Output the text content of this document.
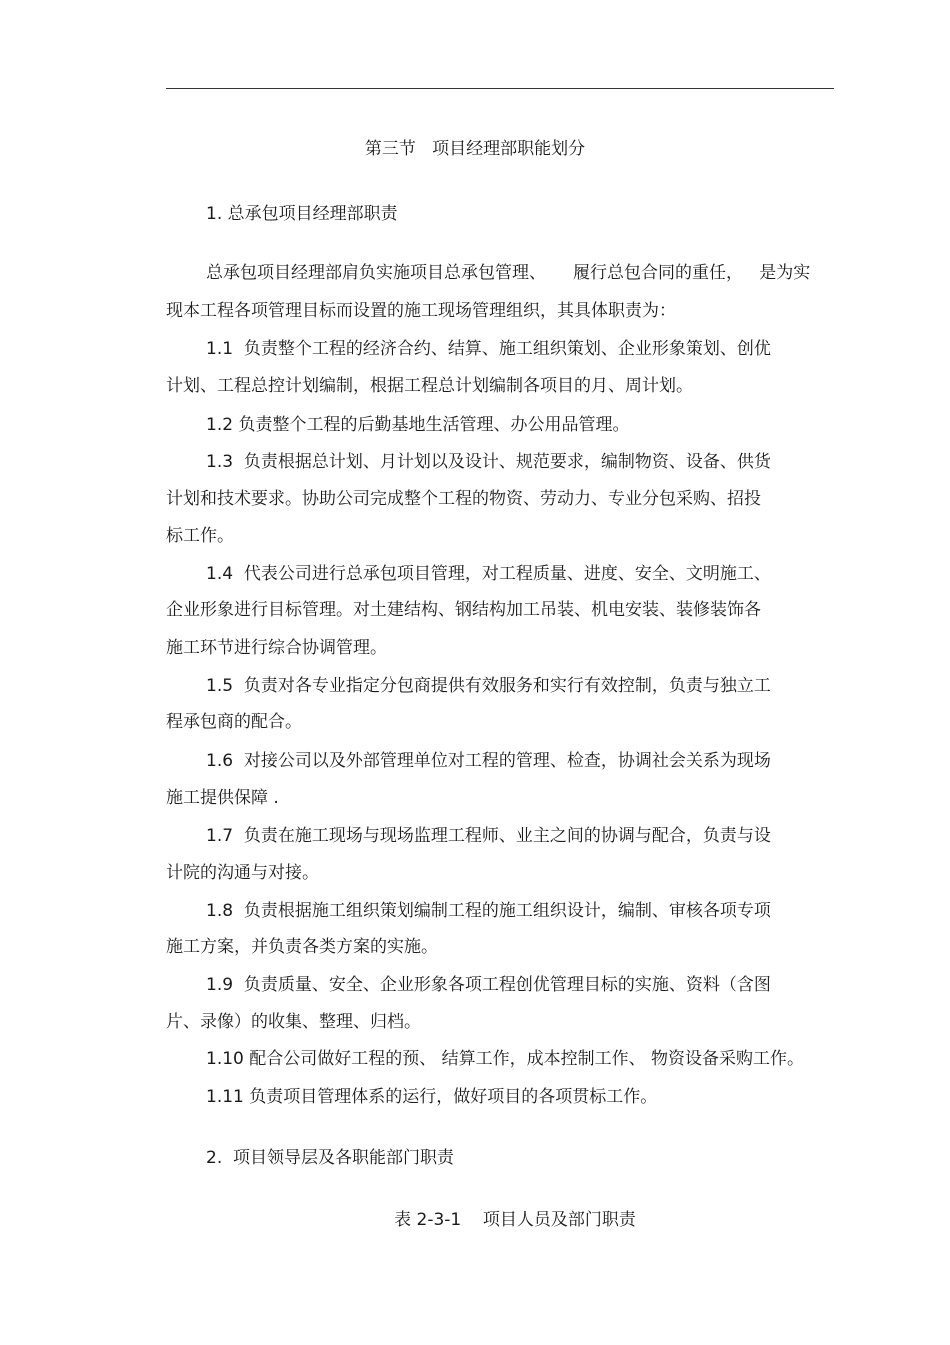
第三节   项目经理部职能划分
1. 总承包项目经理部职责
总承包项目经理部肩负实施项目总承包管理、     履行总包合同的重任，   是为实
现本工程各项管理目标而设置的施工现场管理组织，其具体职责为：
1.1  负责整个工程的经济合约、结算、施工组织策划、企业形象策划、创优
计划、工程总控计划编制，根据工程总计划编制各项目的月、周计划。
1.2 负责整个工程的后勤基地生活管理、办公用品管理。
1.3  负责根据总计划、月计划以及设计、规范要求，编制物资、设备、供货
计划和技术要求。协助公司完成整个工程的物资、劳动力、专业分包采购、招投
标工作。
1.4  代表公司进行总承包项目管理，对工程质量、进度、安全、文明施工、
企业形象进行目标管理。对土建结构、钢结构加工吊装、机电安装、装修装饰各
施工环节进行综合协调管理。
1.5  负责对各专业指定分包商提供有效服务和实行有效控制，负责与独立工
程承包商的配合。
1.6  对接公司以及外部管理单位对工程的管理、检查，协调社会关系为现场
施工提供保障 .
1.7  负责在施工现场与现场监理工程师、业主之间的协调与配合，负责与设
计院的沟通与对接。
1.8  负责根据施工组织策划编制工程的施工组织设计，编制、审核各项专项
施工方案，并负责各类方案的实施。
1.9  负责质量、安全、企业形象各项工程创优管理目标的实施、资料（含图
片、录像）的收集、整理、归档。
1.10 配合公司做好工程的预、 结算工作，成本控制工作、 物资设备采购工作。
1.11 负责项目管理体系的运行，做好项目的各项贯标工作。
2.  项目领导层及各职能部门职责
表 2-3-1    项目人员及部门职责
